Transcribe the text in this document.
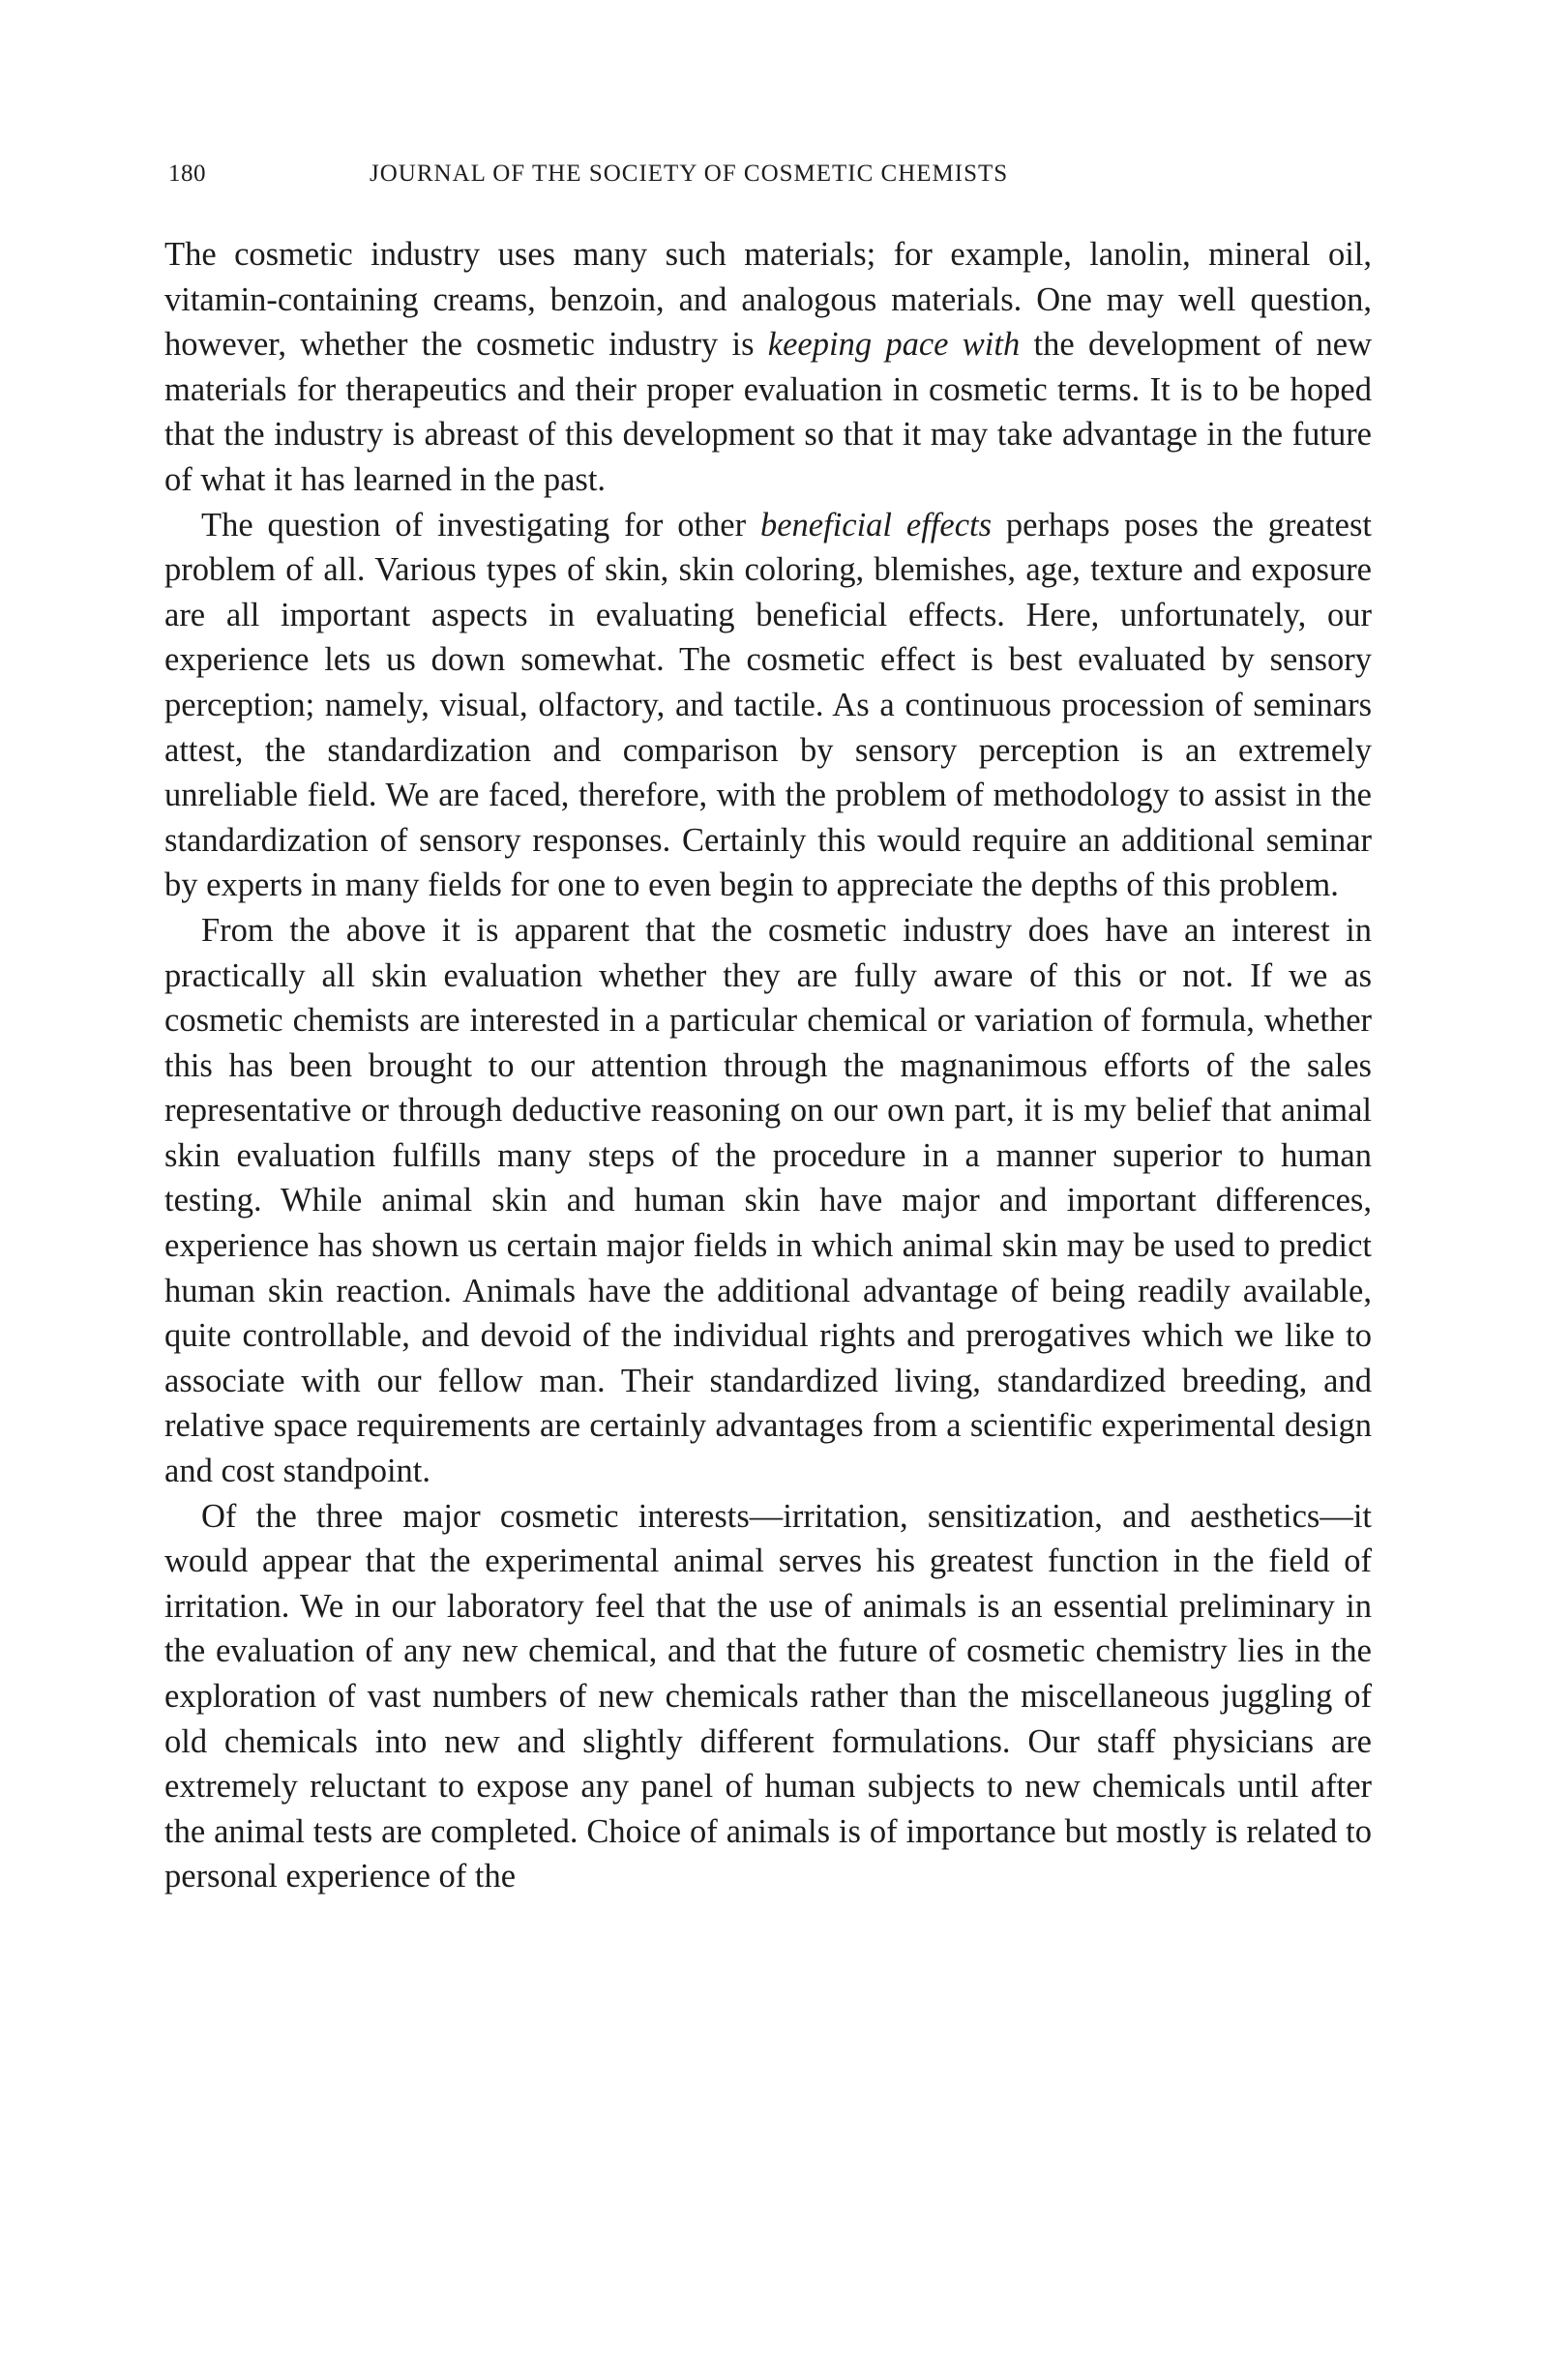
180	JOURNAL OF THE SOCIETY OF COSMETIC CHEMISTS

The cosmetic industry uses many such materials; for example, lanolin, mineral oil, vitamin-containing creams, benzoin, and analogous materials. One may well question, however, whether the cosmetic industry is keeping pace with the development of new materials for therapeutics and their proper evaluation in cosmetic terms. It is to be hoped that the industry is abreast of this development so that it may take advantage in the future of what it has learned in the past.

The question of investigating for other beneficial effects perhaps poses the greatest problem of all. Various types of skin, skin coloring, blemishes, age, texture and exposure are all important aspects in evaluating beneficial effects. Here, unfortunately, our experience lets us down somewhat. The cosmetic effect is best evaluated by sensory perception; namely, visual, olfactory, and tactile. As a continuous procession of seminars attest, the standardization and comparison by sensory perception is an extremely unreliable field. We are faced, therefore, with the problem of methodology to assist in the standardization of sensory responses. Certainly this would require an additional seminar by experts in many fields for one to even begin to appreciate the depths of this problem.

From the above it is apparent that the cosmetic industry does have an interest in practically all skin evaluation whether they are fully aware of this or not. If we as cosmetic chemists are interested in a particular chemical or variation of formula, whether this has been brought to our attention through the magnanimous efforts of the sales representative or through deductive reasoning on our own part, it is my belief that animal skin evaluation fulfills many steps of the procedure in a manner superior to human testing. While animal skin and human skin have major and important differences, experience has shown us certain major fields in which animal skin may be used to predict human skin reaction. Animals have the additional advantage of being readily available, quite controllable, and devoid of the individual rights and prerogatives which we like to associate with our fellow man. Their standardized living, standardized breeding, and relative space requirements are certainly advantages from a scientific experimental design and cost standpoint.

Of the three major cosmetic interests—irritation, sensitization, and aesthetics—it would appear that the experimental animal serves his greatest function in the field of irritation. We in our laboratory feel that the use of animals is an essential preliminary in the evaluation of any new chemical, and that the future of cosmetic chemistry lies in the exploration of vast numbers of new chemicals rather than the miscellaneous juggling of old chemicals into new and slightly different formulations. Our staff physicians are extremely reluctant to expose any panel of human subjects to new chemicals until after the animal tests are completed. Choice of animals is of importance but mostly is related to personal experience of the
